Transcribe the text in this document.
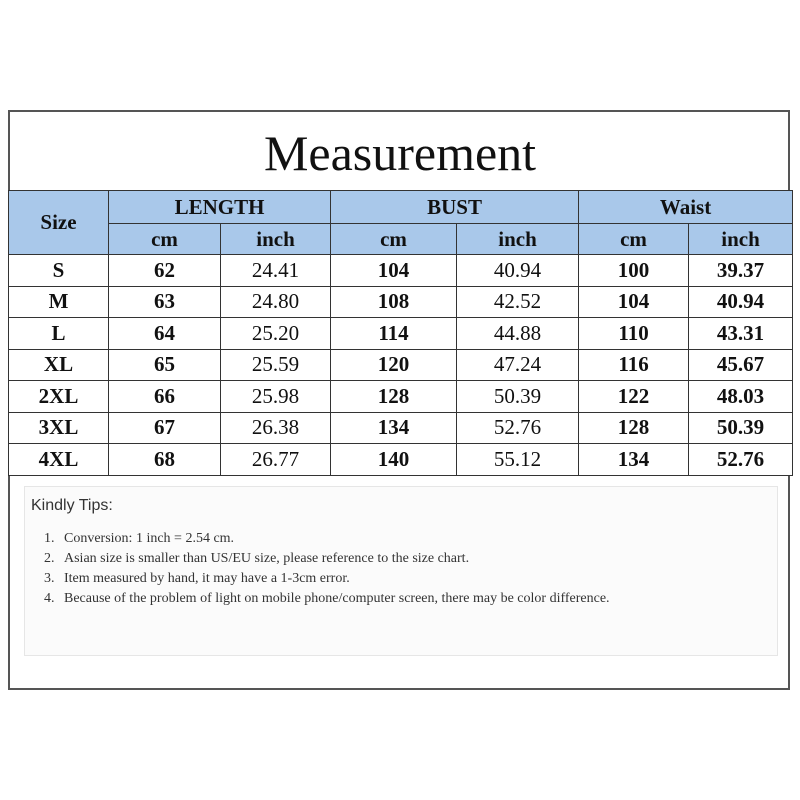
Measurement
Size	LENGTH		BUST		Waist	
	cm	inch	cm	inch	cm	inch
S	62	24.41	104	40.94	100	39.37
M	63	24.80	108	42.52	104	40.94
L	64	25.20	114	44.88	110	43.31
XL	65	25.59	120	47.24	116	45.67
2XL	66	25.98	128	50.39	122	48.03
3XL	67	26.38	134	52.76	128	50.39
4XL	68	26.77	140	55.12	134	52.76
Kindly Tips:
1. Conversion: 1 inch = 2.54 cm.
2. Asian size is smaller than US/EU size, please reference to the size chart.
3. Item measured by hand, it may have a 1-3cm error.
4. Because of the problem of light on mobile phone/computer screen, there may be color difference.
